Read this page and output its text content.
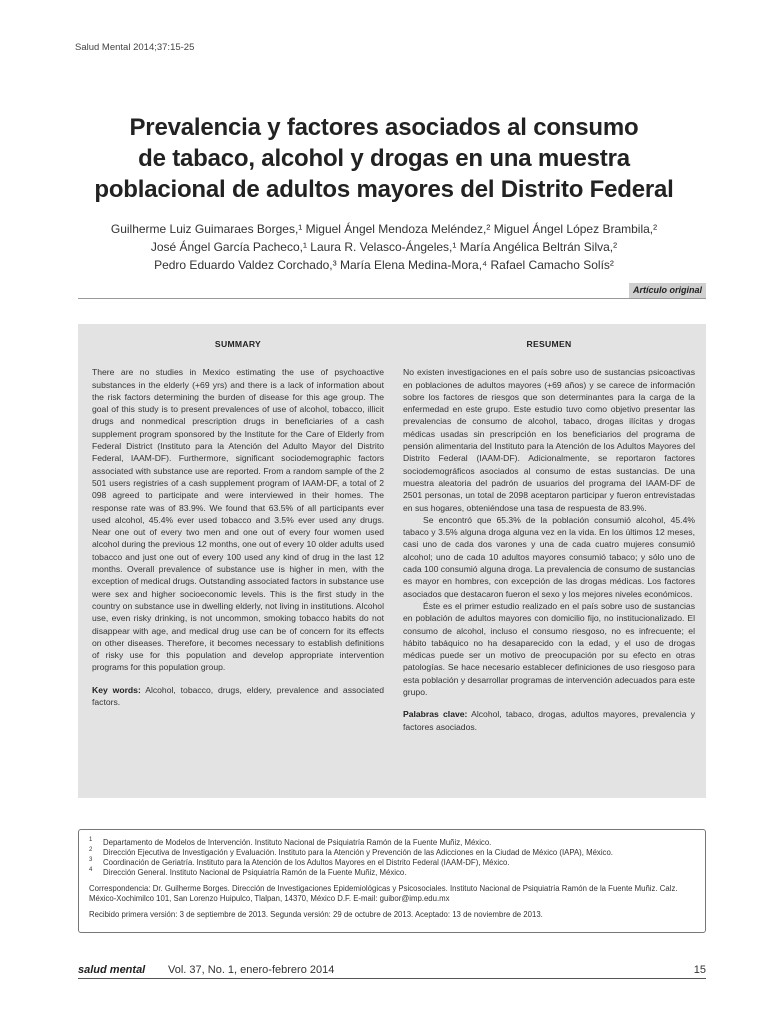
Salud Mental 2014;37:15-25
Prevalencia y factores asociados al consumo
de tabaco, alcohol y drogas en una muestra
poblacional de adultos mayores del Distrito Federal
Guilherme Luiz Guimaraes Borges,¹ Miguel Ángel Mendoza Meléndez,² Miguel Ángel López Brambila,²
José Ángel García Pacheco,¹ Laura R. Velasco-Ángeles,¹ María Angélica Beltrán Silva,²
Pedro Eduardo Valdez Corchado,³ María Elena Medina-Mora,⁴ Rafael Camacho Solís²
Artículo original
SUMMARY

There are no studies in Mexico estimating the use of psychoactive substances in the elderly (+69 yrs) and there is a lack of information about the risk factors determining the burden of disease for this age group. The goal of this study is to present prevalences of use of alcohol, tobacco, illicit drugs and nonmedical prescription drugs in beneficiaries of a cash supplement program sponsored by the Institute for the Care of Elderly from Federal District (Instituto para la Atención del Adulto Mayor del Distrito Federal, IAAM-DF). Furthermore, significant sociodemographic factors associated with substance use are reported. From a random sample of the 2 501 users registries of a cash supplement program of IAAM-DF, a total of 2 098 agreed to participate and were interviewed in their homes. The response rate was of 83.9%. We found that 63.5% of all participants ever used alcohol, 45.4% ever used tobacco and 3.5% ever used any drugs. Near one out of every two men and one out of every four women used alcohol during the previous 12 months, one out of every 10 older adults used tobacco and just one out of every 100 used any kind of drug in the last 12 months. Overall prevalence of substance use is higher in men, with the exception of medical drugs. Outstanding associated factors in substance use were sex and higher socioeconomic levels. This is the first study in the country on substance use in dwelling elderly, not living in institutions. Alcohol use, even risky drinking, is not uncommon, smoking tobacco habits do not disappear with age, and medical drug use can be of concern for its effects on other diseases. Therefore, it becomes necessary to establish definitions of risky use for this population and develop appropriate intervention programs for this population group.

Key words: Alcohol, tobacco, drugs, eldery, prevalence and associated factors.

RESUMEN

No existen investigaciones en el país sobre uso de sustancias psicoactivas en poblaciones de adultos mayores (+69 años) y se carece de información sobre los factores de riesgos que son determinantes para la carga de la enfermedad en este grupo. Este estudio tuvo como objetivo presentar las prevalencias de consumo de alcohol, tabaco, drogas ilícitas y drogas médicas usadas sin prescripción en los beneficiarios del programa de pensión alimentaria del Instituto para la Atención de los Adultos Mayores del Distrito Federal (IAAM-DF). Adicionalmente, se reportaron factores sociodemográficos asociados al consumo de estas sustancias. De una muestra aleatoria del padrón de usuarios del programa del IAAM-DF de 2501 personas, un total de 2098 aceptaron participar y fueron entrevistadas en sus hogares, obteniéndose una tasa de respuesta de 83.9%.

Se encontró que 65.3% de la población consumió alcohol, 45.4% tabaco y 3.5% alguna droga alguna vez en la vida. En los últimos 12 meses, casi uno de cada dos varones y una de cada cuatro mujeres consumió alcohol; uno de cada 10 adultos mayores consumió tabaco; y sólo uno de cada 100 consumió alguna droga. La prevalencia de consumo de sustancias es mayor en hombres, con excepción de las drogas médicas. Los factores asociados que destacaron fueron el sexo y los mejores niveles económicos.

Éste es el primer estudio realizado en el país sobre uso de sustancias en población de adultos mayores con domicilio fijo, no institucionalizado. El consumo de alcohol, incluso el consumo riesgoso, no es infrecuente; el hábito tabáquico no ha desaparecido con la edad, y el uso de drogas médicas puede ser un motivo de preocupación por su efecto en otras patologías. Se hace necesario establecer definiciones de uso riesgoso para esta población y desarrollar programas de intervención adecuados para este grupo.

Palabras clave: Alcohol, tabaco, drogas, adultos mayores, prevalencia y factores asociados.

1 Departamento de Modelos de Intervención. Instituto Nacional de Psiquiatría Ramón de la Fuente Muñiz, México.
2 Dirección Ejecutiva de Investigación y Evaluación. Instituto para la Atención y Prevención de las Adicciones en la Ciudad de México (IAPA), México.
3 Coordinación de Geriatría. Instituto para la Atención de los Adultos Mayores en el Distrito Federal (IAAM-DF), México.
4 Dirección General. Instituto Nacional de Psiquiatría Ramón de la Fuente Muñiz, México.
Correspondencia: Dr. Guilherme Borges. Dirección de Investigaciones Epidemiológicas y Psicosociales. Instituto Nacional de Psiquiatría Ramón de la Fuente Muñiz. Calz. México-Xochimilco 101, San Lorenzo Huipulco, Tlalpan, 14370, México D.F. E-mail: guibor@imp.edu.mx
Recibido primera versión: 3 de septiembre de 2013. Segunda versión: 29 de octubre de 2013. Aceptado: 13 de noviembre de 2013.
salud mental Vol. 37, No. 1, enero-febrero 2014	15
